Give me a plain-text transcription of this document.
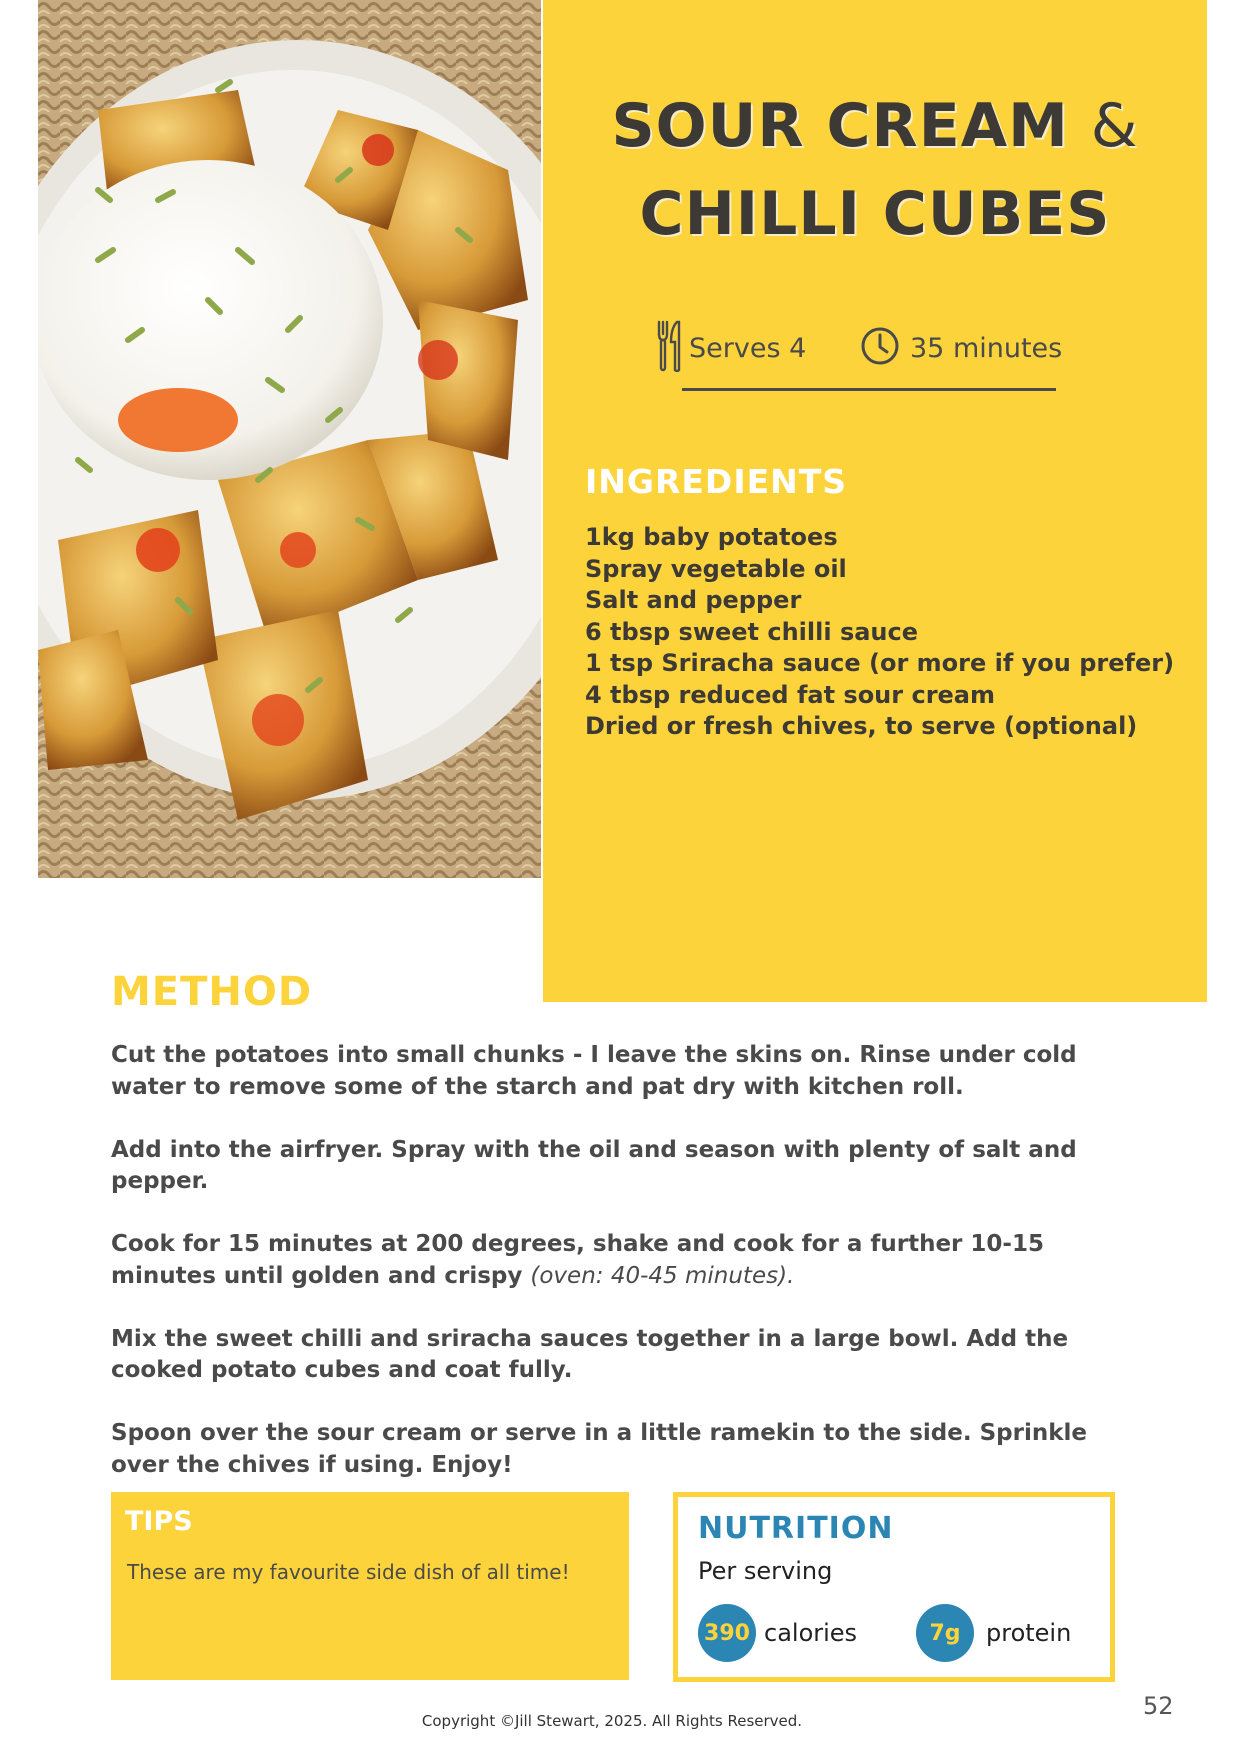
SOUR CREAM &
CHILLI CUBES
Serves 4	35 minutes
INGREDIENTS
1kg baby potatoes
Spray vegetable oil
Salt and pepper
6 tbsp sweet chilli sauce
1 tsp Sriracha sauce (or more if you prefer)
4 tbsp reduced fat sour cream
Dried or fresh chives, to serve (optional)
METHOD

Cut the potatoes into small chunks - I leave the skins on. Rinse under cold water to remove some of the starch and pat dry with kitchen roll.

Add into the airfryer. Spray with the oil and season with plenty of salt and pepper.

Cook for 15 minutes at 200 degrees, shake and cook for a further 10-15 minutes until golden and crispy (oven: 40-45 minutes).

Mix the sweet chilli and sriracha sauces together in a large bowl. Add the cooked potato cubes and coat fully.

Spoon over the sour cream or serve in a little ramekin to the side. Sprinkle over the chives if using. Enjoy!

TIPS
These are my favourite side dish of all time!
NUTRITION
Per serving
390 calories	7g	protein
Copyright ©Jill Stewart, 2025. All Rights Reserved.
52
